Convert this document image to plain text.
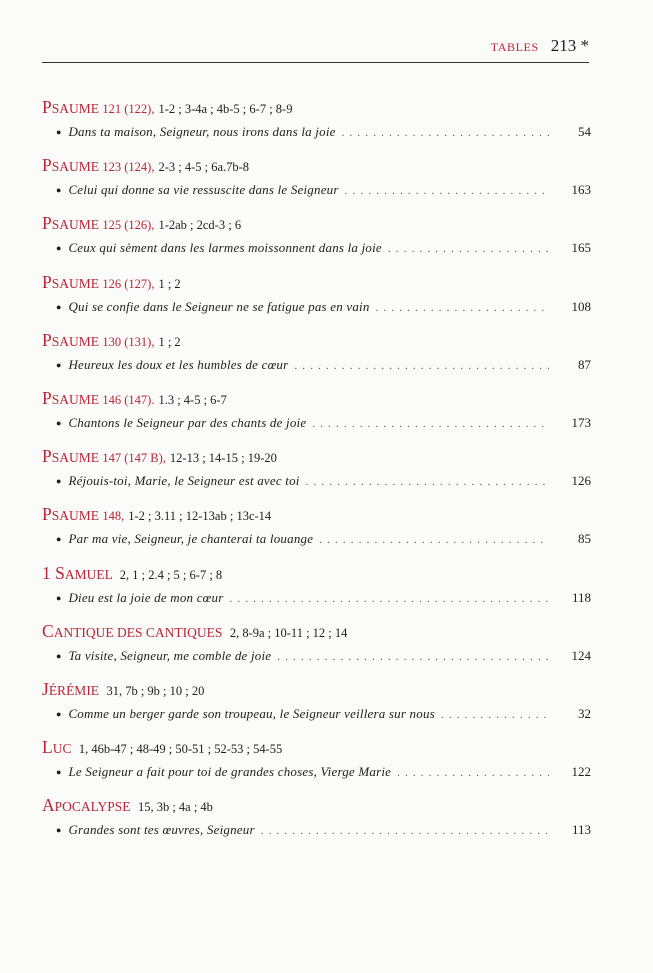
TABLES 213 *
PSAUME 121 (122), 1-2 ; 3-4a ; 4b-5 ; 6-7 ; 8-9
● Dans ta maison, Seigneur, nous irons dans la joie . . .	54
PSAUME 123 (124), 2-3 ; 4-5 ; 6a.7b-8
● Celui qui donne sa vie ressuscite dans le Seigneur . . .	163
PSAUME 125 (126), 1-2ab ; 2cd-3 ; 6
● Ceux qui sèment dans les larmes moissonnent dans la joie . . .	165
PSAUME 126 (127), 1 ; 2
● Qui se confie dans le Seigneur ne se fatigue pas en vain . . .	108
PSAUME 130 (131), 1 ; 2
● Heureux les doux et les humbles de cœur . . .	87
PSAUME 146 (147). 1.3 ; 4-5 ; 6-7
● Chantons le Seigneur par des chants de joie . . .	173
PSAUME 147 (147 B), 12-13 ; 14-15 ; 19-20
● Réjouis-toi, Marie, le Seigneur est avec toi . . .	126
PSAUME 148, 1-2 ; 3.11 ; 12-13ab ; 13c-14
● Par ma vie, Seigneur, je chanterai ta louange . . .	85
1 SAMUEL 2, 1 ; 2.4 ; 5 ; 6-7 ; 8
● Dieu est la joie de mon cœur . . .	118
CANTIQUE DES CANTIQUES 2, 8-9a ; 10-11 ; 12 ; 14
● Ta visite, Seigneur, me comble de joie . . .	124
JÉRÉMIE 31, 7b ; 9b ; 10 ; 20
● Comme un berger garde son troupeau, le Seigneur veillera sur nous . . .	32
LUC 1, 46b-47 ; 48-49 ; 50-51 ; 52-53 ; 54-55
● Le Seigneur a fait pour toi de grandes choses, Vierge Marie . . .	122
APOCALYPSE 15, 3b ; 4a ; 4b
● Grandes sont tes œuvres, Seigneur . . .	113
